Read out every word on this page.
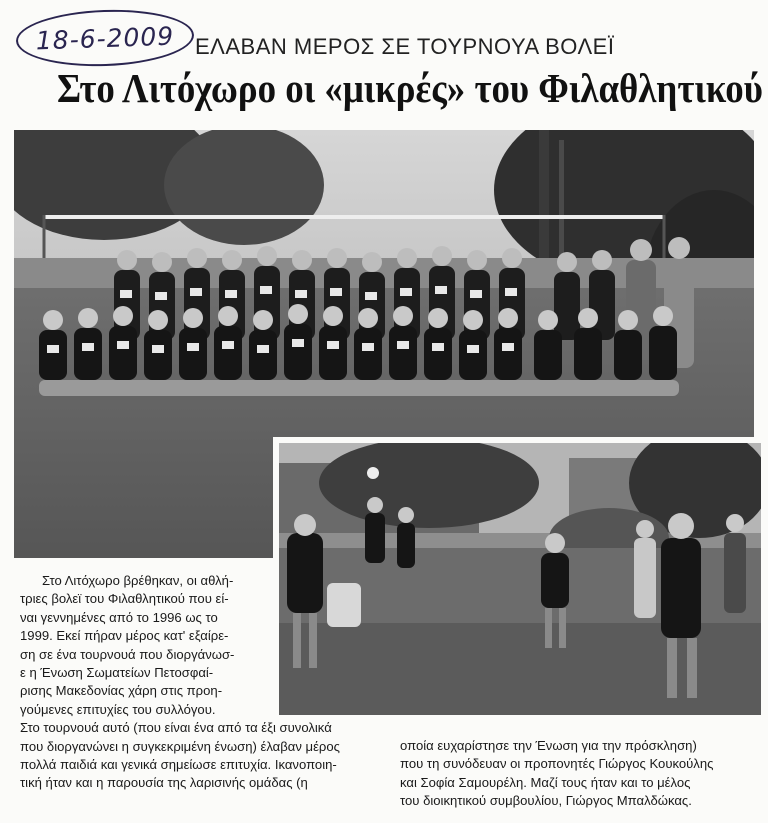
18-6-2009 ΕΛΑΒΑΝ ΜΕΡΟΣ ΣΕ ΤΟΥΡΝΟΥΑ ΒΟΛΕΪ
Στο Λιτόχωρο οι «μικρές» του Φιλαθλητικού
Στο Λιτόχωρο βρέθηκαν, οι αθλή-
τριες βολεϊ του Φιλαθλητικού που εί-
ναι γεννημένες από το 1996 ως το
1999. Εκεί πήραν μέρος κατ' εξαίρε-
ση σε ένα τουρνουά που διοργάνωσ-
ε η Ένωση Σωματείων Πετοσφαί-
ρισης Μακεδονίας χάρη στις προη-
γούμενες επιτυχίες του συλλόγου.
Στο τουρνουά αυτό (που είναι ένα από τα έξι συνολικά
που διοργανώνει η συγκεκριμένη ένωση) έλαβαν μέρος
πολλά παιδιά και γενικά σημείωσε επιτυχία. Ικανοποιη-
τική ήταν και η παρουσία της λαρισινής ομάδας (η
οποία ευχαρίστησε την Ένωση για την πρόσκληση)
που τη συνόδευαν οι προπονητές Γιώργος Κουκούλης
και Σοφία Σαμουρέλη. Μαζί τους ήταν και το μέλος
του διοικητικού συμβουλίου, Γιώργος Μπαλδώκας.
